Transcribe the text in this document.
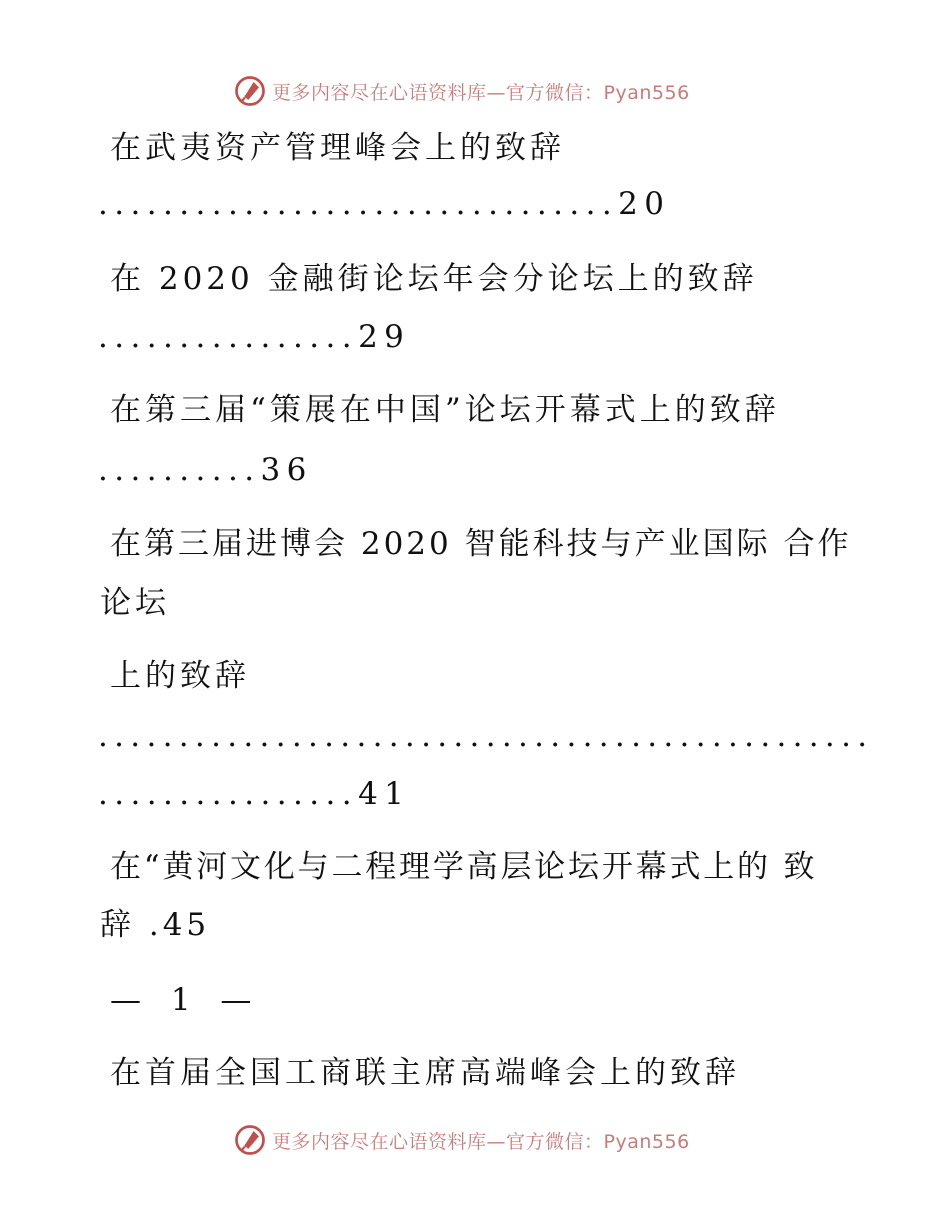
更多内容尽在心语资料库—官方微信：Pyan556
在武夷资产管理峰会上的致辞
................................20
在 2020 金融街论坛年会分论坛上的致辞
................29
在第三届“策展在中国”论坛开幕式上的致辞
..........36
在第三届进博会 2020 智能科技与产业国际 合作
论坛
上的致辞
................................................
................41
在“黄河文化与二程理学高层论坛开幕式上的 致
辞 .45
— 1 —
在首届全国工商联主席高端峰会上的致辞
更多内容尽在心语资料库—官方微信：Pyan556
